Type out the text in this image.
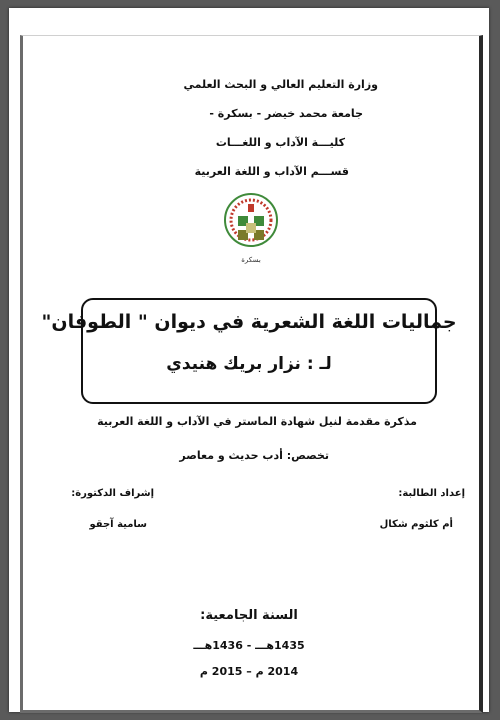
وزارة التعليم العالي و البحث العلمي
جامعة محمد خيضر - بسكرة -
كليـــة الآداب و اللغـــات
قســـم الآداب و اللغة العربية
بسكرة
جماليات اللغة الشعرية في ديوان " الطوفان"
لـ : نزار بريك هنيدي
مذكرة مقدمة لنيل شهادة الماستر في الآداب و اللغة العربية
تخصص: أدب حديث و معاصر
إعداد الطالبة:
أم كلثوم شكال
إشراف الدكتورة:
سامية آجقو
السنة الجامعية:
1435هـــ - 1436هـــ
2014 م – 2015 م
